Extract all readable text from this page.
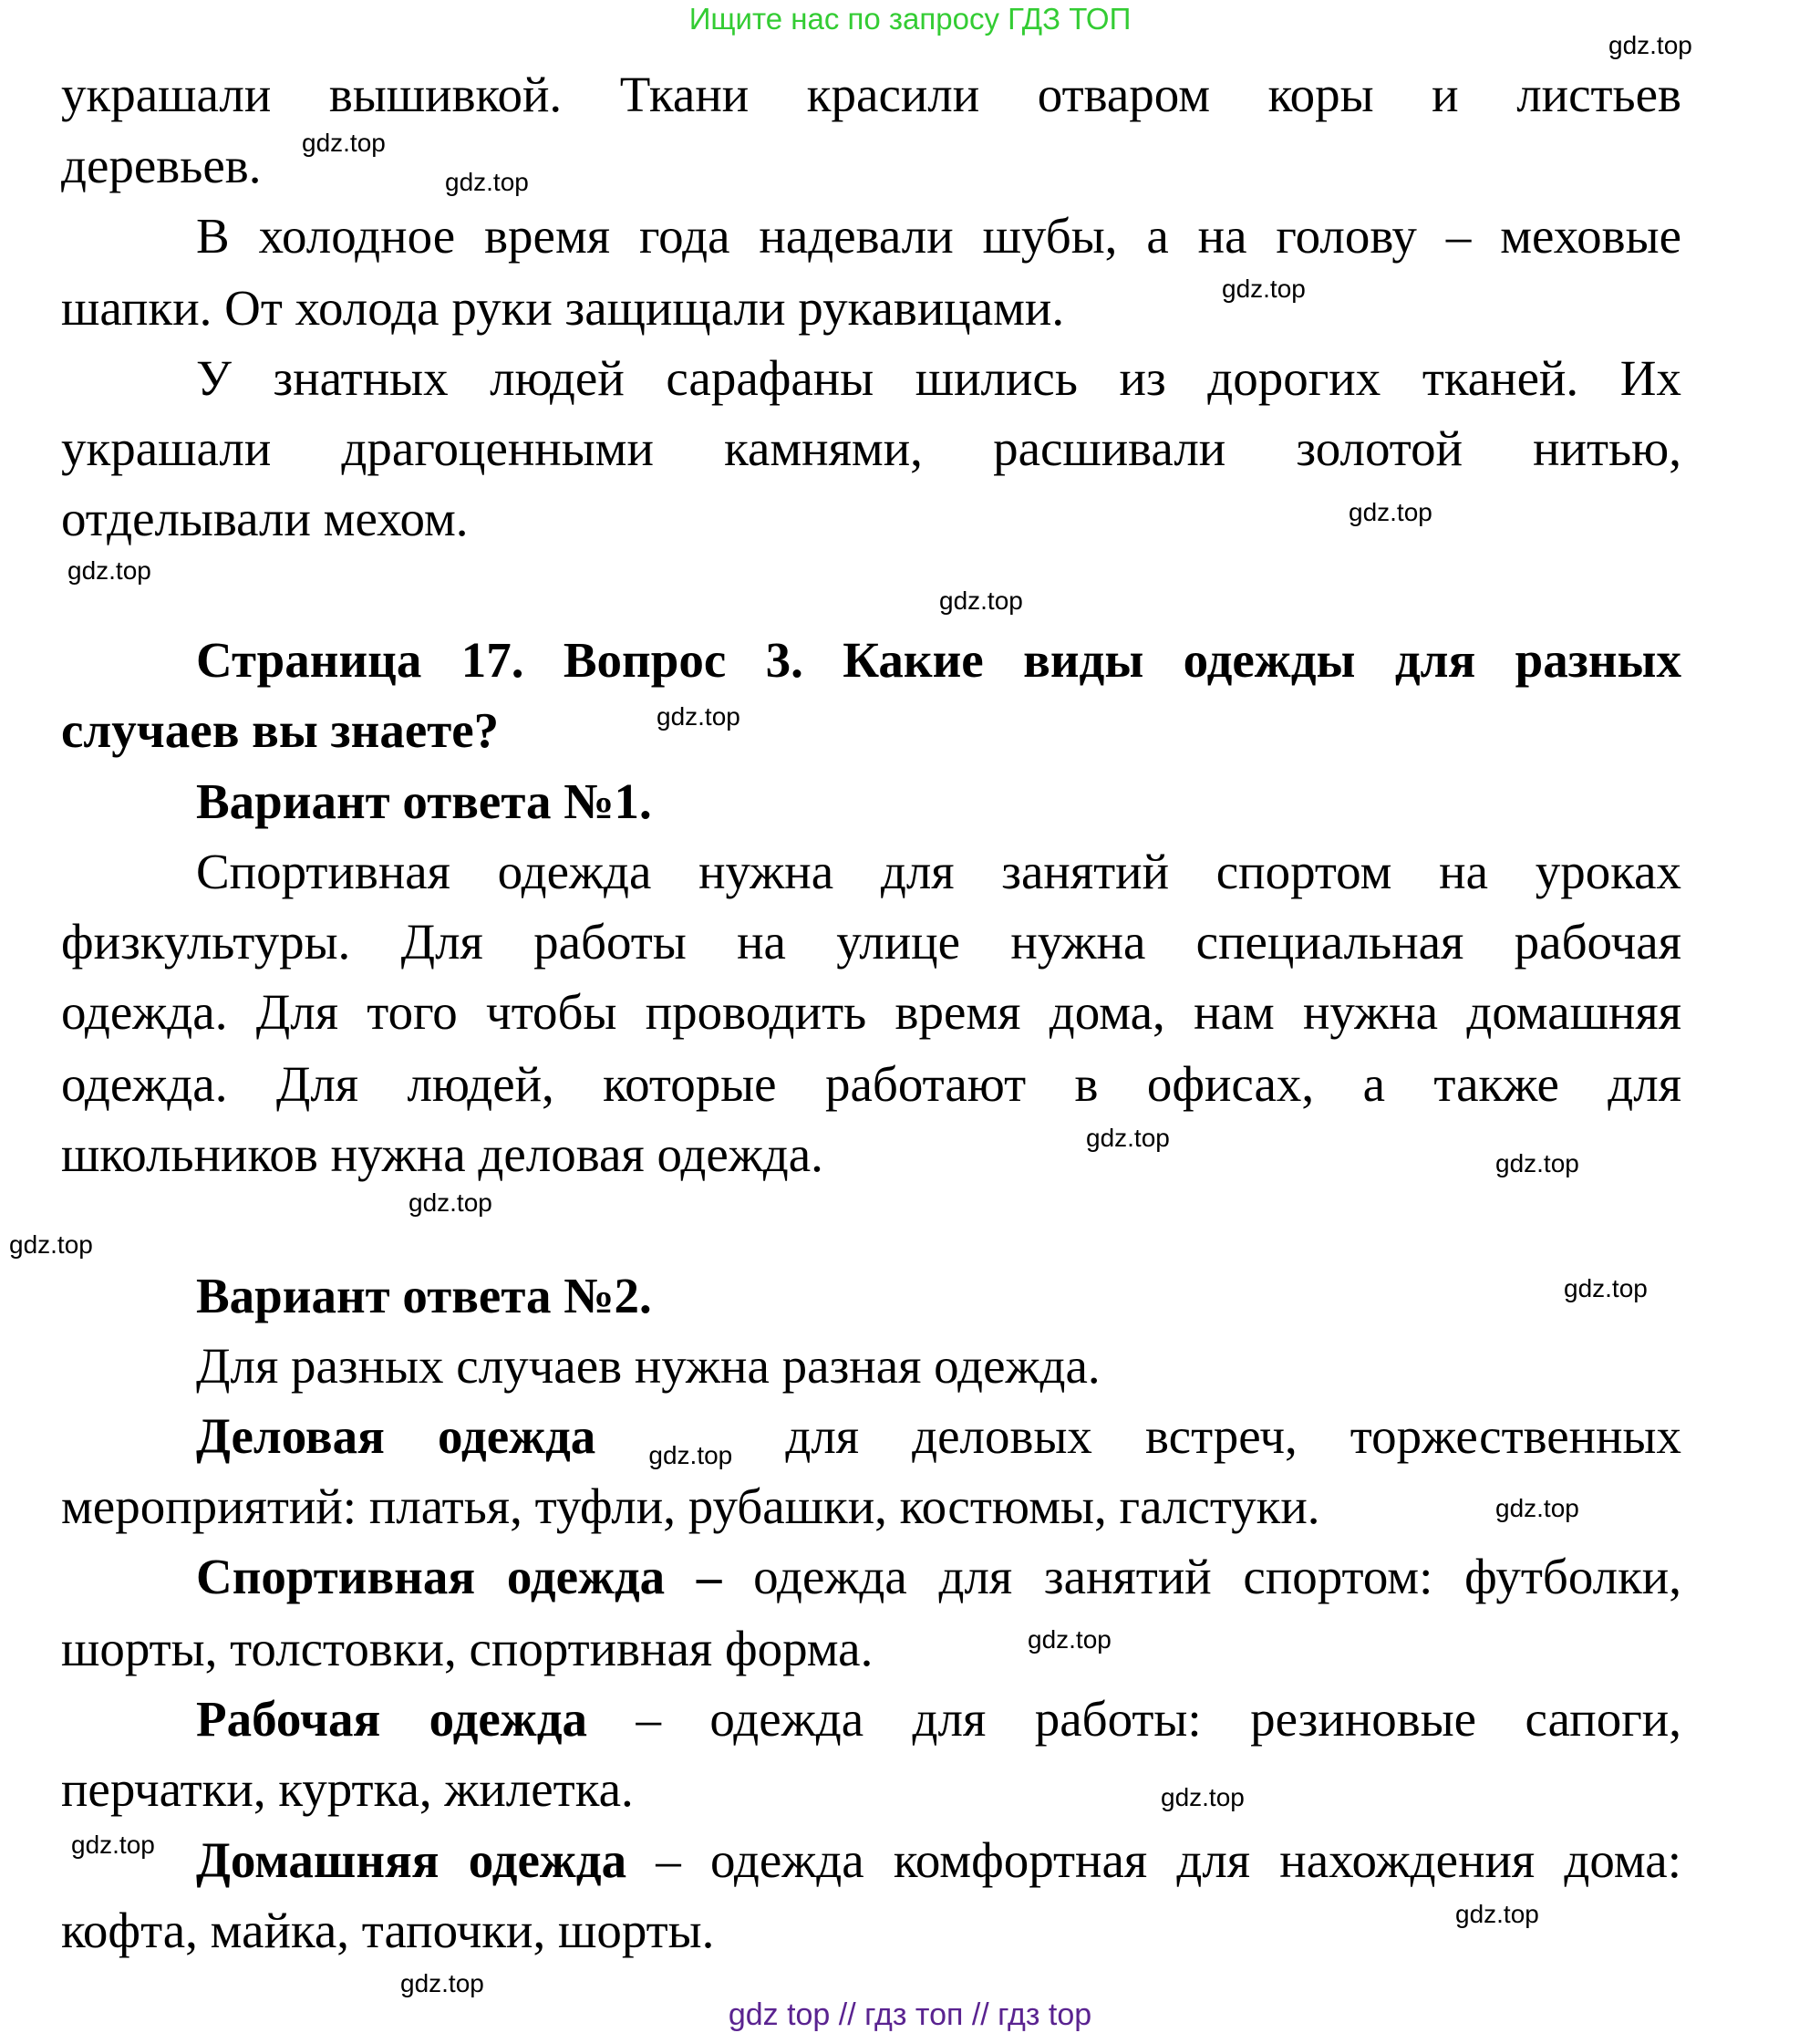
Ищите нас по запросу ГДЗ ТОП
украшали вышивкой. Ткани красили отваром коры и листьев
деревьев.
В холодное время года надевали шубы, а на голову – меховые
шапки. От холода руки защищали рукавицами.
У знатных людей сарафаны шились из дорогих тканей. Их
украшали драгоценными камнями, расшивали золотой нитью,
отделывали мехом.
Страница 17. Вопрос 3. Какие виды одежды для разных
случаев вы знаете?
Вариант ответа №1.
Спортивная одежда нужна для занятий спортом на уроках
физкультуры. Для работы на улице нужна специальная рабочая
одежда. Для того чтобы проводить время дома, нам нужна домашняя
одежда. Для людей, которые работают в офисах, а также для
школьников нужна деловая одежда.
Вариант ответа №2.
Для разных случаев нужна разная одежда.
Деловая одежда $_{gdz.top}$ для деловых встреч, торжественных
мероприятий: платья, туфли, рубашки, костюмы, галстуки.
Спортивная одежда – одежда для занятий спортом: футболки,
шорты, толстовки, спортивная форма.
Рабочая одежда – одежда для работы: резиновые сапоги,
перчатки, куртка, жилетка.
Домашняя одежда – одежда комфортная для нахождения дома:
кофта, майка, тапочки, шорты.
gdz top // гдз топ // гдз top
gdz.top
gdz.top
gdz.top
gdz.top
gdz.top
gdz.top
gdz.top
gdz.top
gdz.top
gdz.top
gdz.top
gdz.top
gdz.top
gdz.top
gdz.top
gdz.top
gdz.top
gdz.top
gdz.top
